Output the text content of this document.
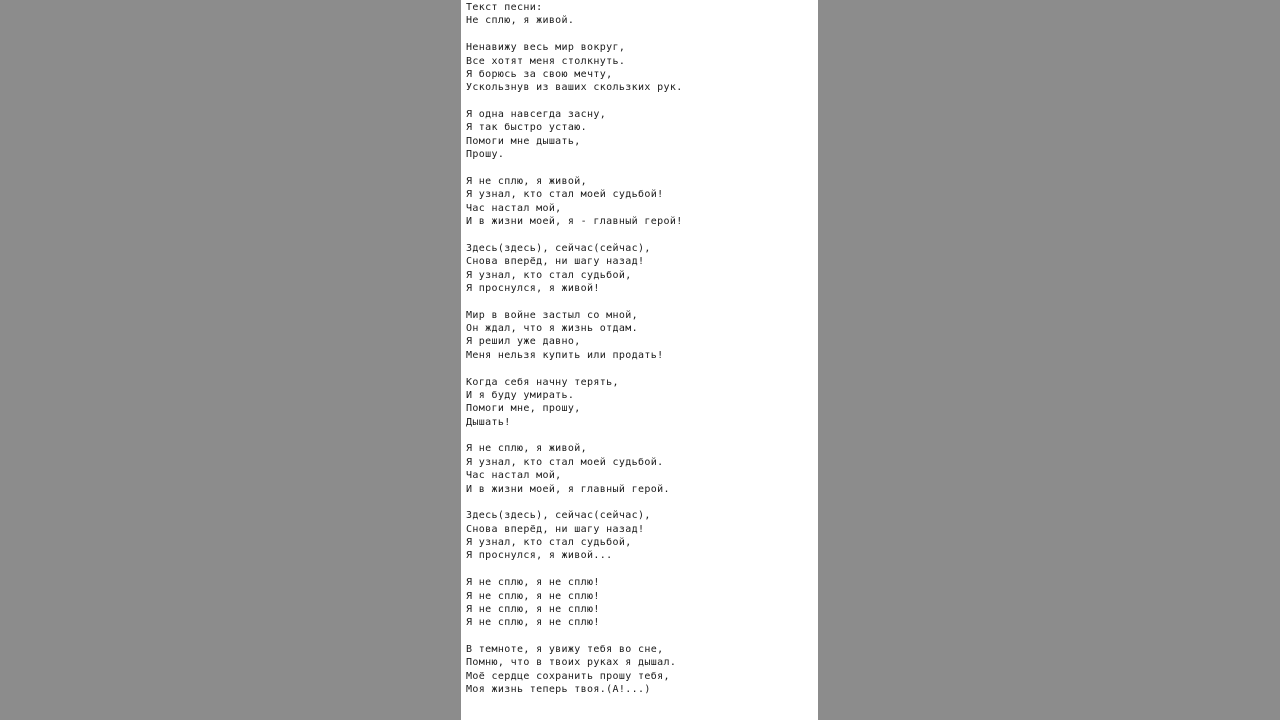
Текст песни:
Не сплю, я живой.
Ненавижу весь мир вокруг,
Все хотят меня столкнуть.
Я борюсь за свою мечту,
Ускользнув из ваших скользких рук.
Я одна навсегда засну,
Я так быстро устаю.
Помоги мне дышать,
Прошу.
Я не сплю, я живой,
Я узнал, кто стал моей судьбой!
Час настал мой,
И в жизни моей, я - главный герой!
Здесь(здесь), сейчас(сейчас),
Снова вперёд, ни шагу назад!
Я узнал, кто стал судьбой,
Я проснулся, я живой!
Мир в войне застыл со мной,
Он ждал, что я жизнь отдам.
Я решил уже давно,
Меня нельзя купить или продать!
Когда себя начну терять,
И я буду умирать.
Помоги мне, прошу,
Дышать!
Я не сплю, я живой,
Я узнал, кто стал моей судьбой.
Час настал мой,
И в жизни моей, я главный герой.
Здесь(здесь), сейчас(сейчас),
Снова вперёд, ни шагу назад!
Я узнал, кто стал судьбой,
Я проснулся, я живой...
Я не сплю, я не сплю!
Я не сплю, я не сплю!
Я не сплю, я не сплю!
Я не сплю, я не сплю!
В темноте, я увижу тебя во сне,
Помню, что в твоих руках я дышал.
Моё сердце сохранить прошу тебя,
Моя жизнь теперь твоя.(А!...)
